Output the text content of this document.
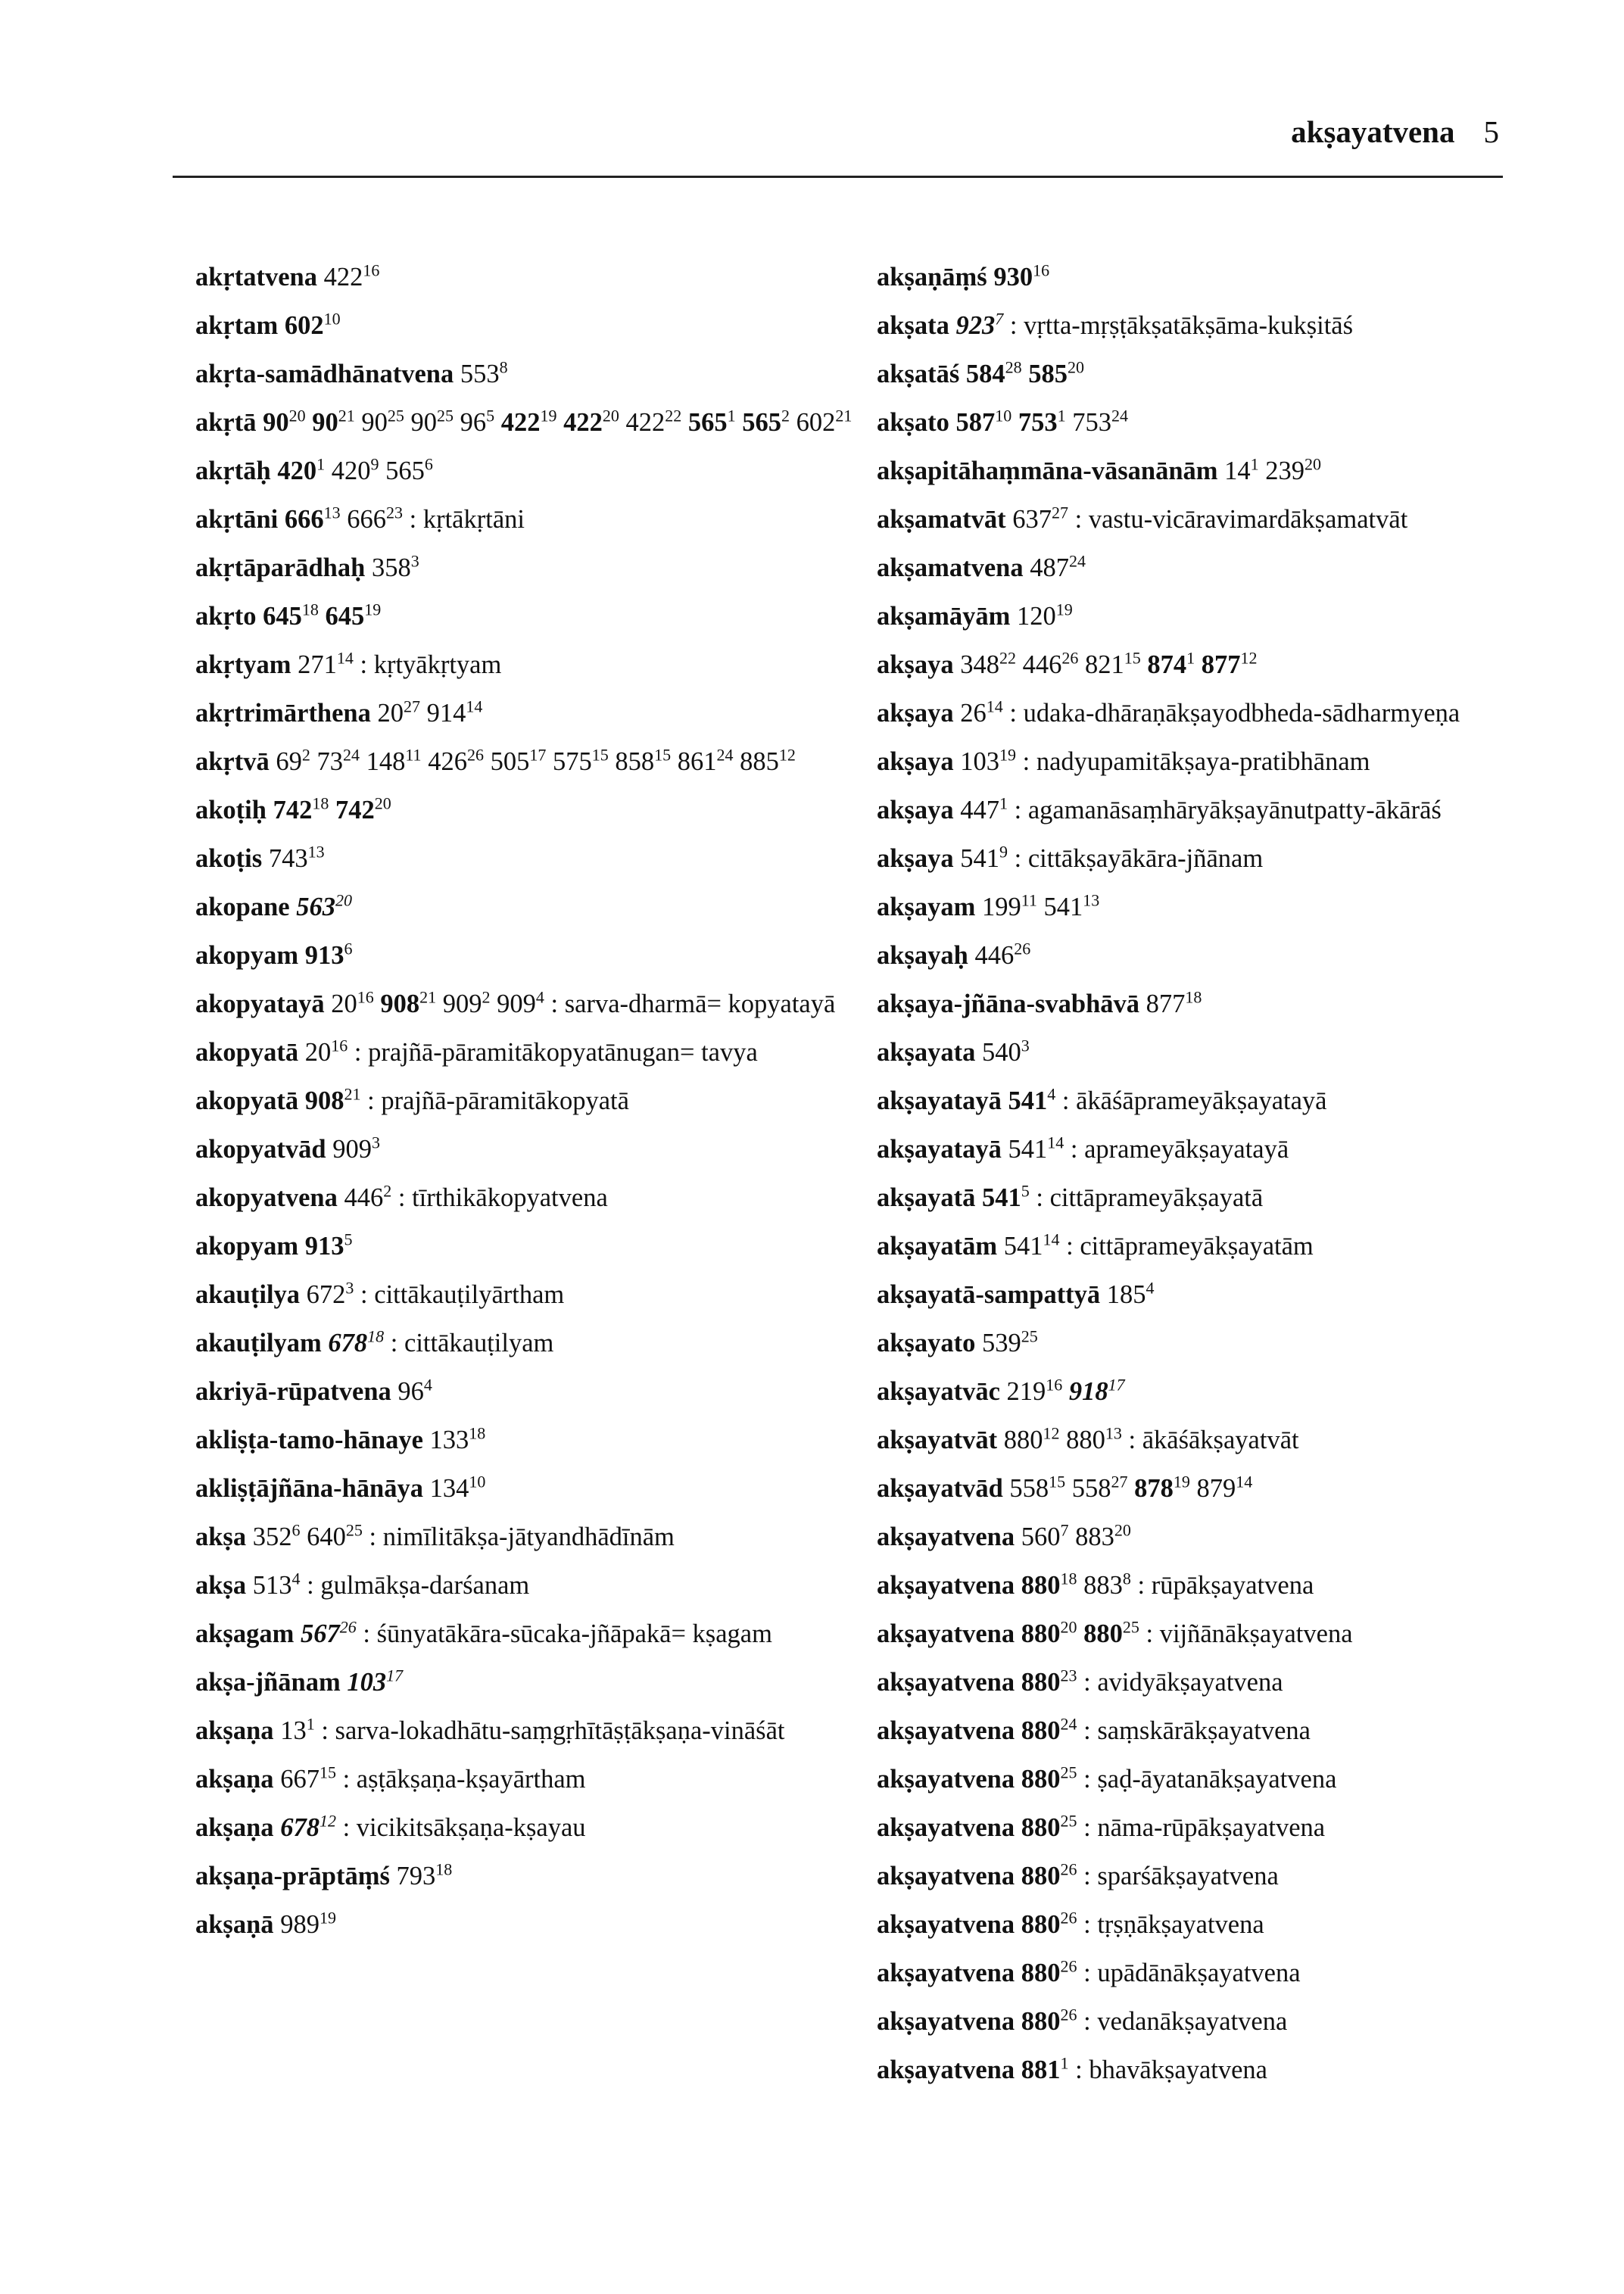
akṣayatvena 5
akṛtatvena $422^{16}$
akṛtam $602^{10}$
akṛta-samādhānatvena $553^8$
akṛtā $90^{20}$ $90^{21}$ $90^{25}$ $90^{25}$ $96^5$ $422^{19}$ $422^{20}$ $422^{22}$ $565^1$ $565^2$ $602^{21}$
akṛtāḥ $420^1$ $420^9$ $565^6$
akṛtāni $666^{13}$ $666^{23}$ : kṛtākṛtāni
akṛtāparādhaḥ $358^3$
akṛto $645^{18}$ $645^{19}$
akṛtyam $271^{14}$ : kṛtyākṛtyam
akṛtrimārthena $20^{27}$ $914^{14}$
akṛtvā $69^2$ $73^{24}$ $148^{11}$ $426^{26}$ $505^{17}$ $575^{15}$ $858^{15}$ $861^{24}$ $885^{12}$
akoṭiḥ $742^{18}$ $742^{20}$
akoṭis $743^{13}$
akopane $563^{20}$
akopyam $913^6$
akopyatayā $20^{16}$ $908^{21}$ $909^2$ $909^4$ : sarva-dharmā= kopyatayā
akopyatā $20^{16}$ : prajñā-pāramitākopyatānugan= tavya
akopyatā $908^{21}$ : prajñā-pāramitākopyatā
akopyatvād $909^3$
akopyatvena $446^2$ : tīrthikākopyatvena
akopyam $913^5$
akauṭilya $672^3$ : cittākauṭilyārtham
akauṭilyam $678^{18}$ : cittākauṭilyam
akriyā-rūpatvena $96^4$
akliṣṭa-tamo-hānaye $133^{18}$
akliṣṭājñāna-hānāya $134^{10}$
akṣa $352^6$ $640^{25}$ : nimīlitākṣa-jātyandhādīnām
akṣa $513^4$ : gulmākṣa-darśanam
akṣagam $567^{26}$ : śūnyatākāra-sūcaka-jñāpakā= kṣagam
akṣa-jñānam $103^{17}$
akṣaṇa $13^1$ : sarva-lokadhātu-saṃgṛhītāṣṭākṣaṇa-vināśāt
akṣaṇa $667^{15}$ : aṣṭākṣaṇa-kṣayārtham
akṣaṇa $678^{12}$ : vicikitsākṣaṇa-kṣayau
akṣaṇa-prāptāṃś $793^{18}$
akṣaṇā $989^{19}$
akṣaṇāṃś $930^{16}$
akṣata $923^7$ : vṛtta-mṛṣṭākṣatākṣāma-kukṣitāś
akṣatāś $584^{28}$ $585^{20}$
akṣato $587^{10}$ $753^1$ $753^{24}$
akṣapitāhaṃmāna-vāsanānām $14^1$ $239^{20}$
akṣamatvāt $637^{27}$ : vastu-vicāravimardākṣamatvāt
akṣamatvena $487^{24}$
akṣamāyām $120^{19}$
akṣaya $348^{22}$ $446^{26}$ $821^{15}$ $874^1$ $877^{12}$
akṣaya $26^{14}$ : udaka-dhāraṇākṣayodbheda-sādharmyeṇa
akṣaya $103^{19}$ : nadyupamitākṣaya-pratibhānam
akṣaya $447^1$ : agamanāsaṃhāryākṣayānutpatty-ākārāś
akṣaya $541^9$ : cittākṣayākāra-jñānam
akṣayam $199^{11}$ $541^{13}$
akṣayaḥ $446^{26}$
akṣaya-jñāna-svabhāvā $877^{18}$
akṣayata $540^3$
akṣayatayā $541^4$ : ākāśāprameyākṣayatayā
akṣayatayā $541^{14}$ : aprameyākṣayatayā
akṣayatā $541^5$ : cittāprameyākṣayatā
akṣayatām $541^{14}$ : cittāprameyākṣayatām
akṣayatā-sampattyā $185^4$
akṣayato $539^{25}$
akṣayatvāc $219^{16}$ $918^{17}$
akṣayatvāt $880^{12}$ $880^{13}$ : ākāśākṣayatvāt
akṣayatvād $558^{15}$ $558^{27}$ $878^{19}$ $879^{14}$
akṣayatvena $560^7$ $883^{20}$
akṣayatvena $880^{18}$ $883^8$ : rūpākṣayatvena
akṣayatvena $880^{20}$ $880^{25}$ : vijñānākṣayatvena
akṣayatvena $880^{23}$ : avidyākṣayatvena
akṣayatvena $880^{24}$ : saṃskārākṣayatvena
akṣayatvena $880^{25}$ : ṣaḍ-āyatanākṣayatvena
akṣayatvena $880^{25}$ : nāma-rūpākṣayatvena
akṣayatvena $880^{26}$ : sparśākṣayatvena
akṣayatvena $880^{26}$ : tṛṣṇākṣayatvena
akṣayatvena $880^{26}$ : upādānākṣayatvena
akṣayatvena $880^{26}$ : vedanākṣayatvena
akṣayatvena $881^1$ : bhavākṣayatvena
